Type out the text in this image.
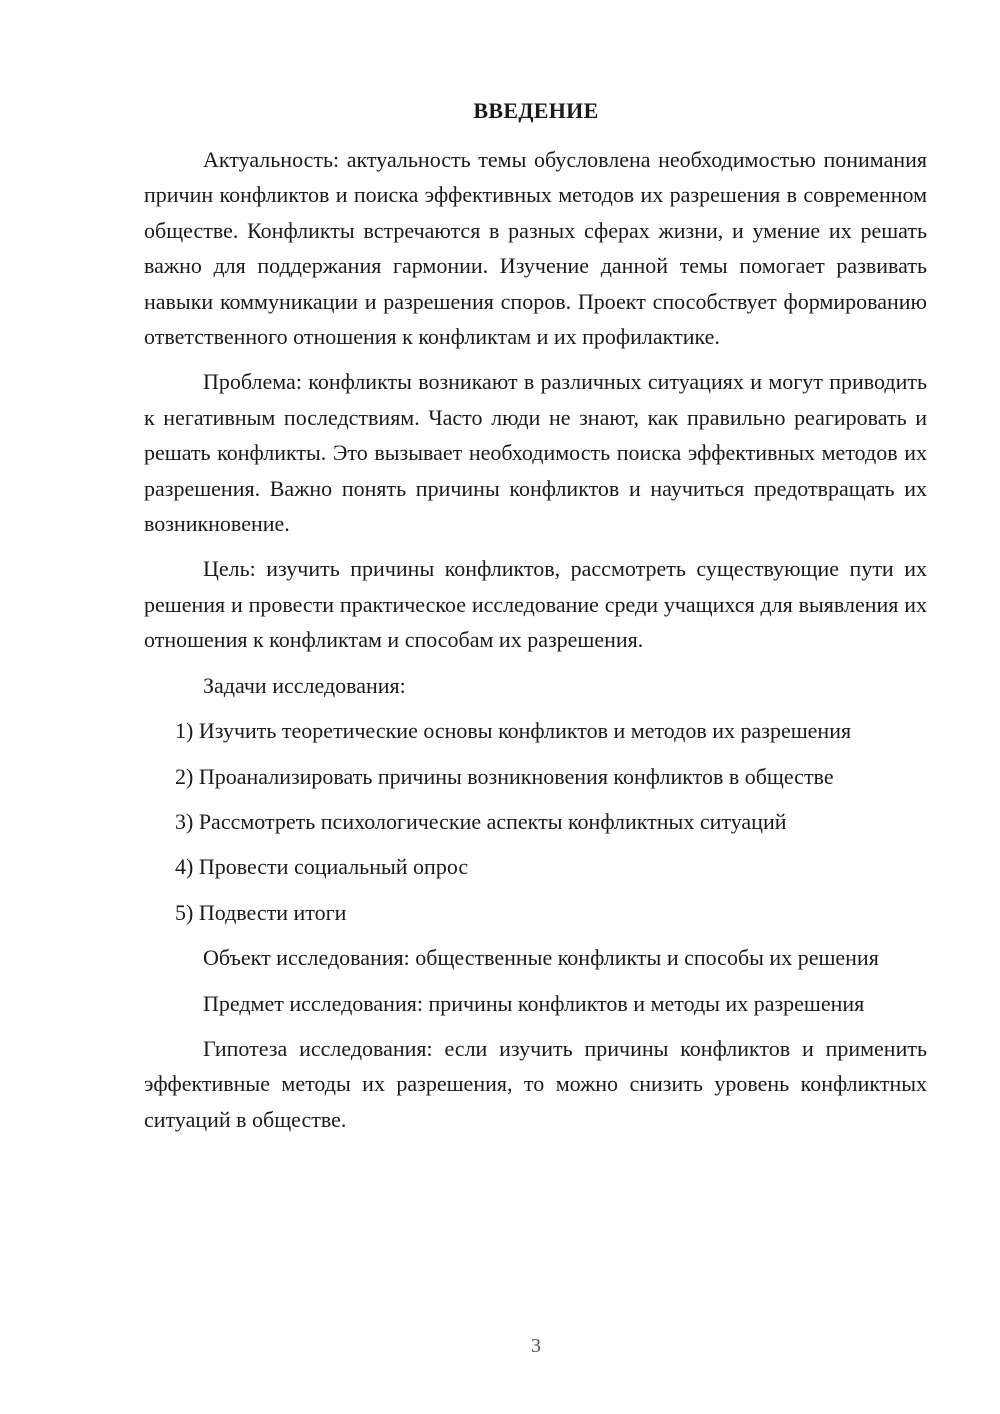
ВВЕДЕНИЕ

Актуальность: актуальность темы обусловлена необходимостью понимания причин конфликтов и поиска эффективных методов их разрешения в современном обществе. Конфликты встречаются в разных сферах жизни, и умение их решать важно для поддержания гармонии. Изучение данной темы помогает развивать навыки коммуникации и разрешения споров. Проект способствует формированию ответственного отношения к конфликтам и их профилактике.

Проблема: конфликты возникают в различных ситуациях и могут приводить к негативным последствиям. Часто люди не знают, как правильно реагировать и решать конфликты. Это вызывает необходимость поиска эффективных методов их разрешения. Важно понять причины конфликтов и научиться предотвращать их возникновение.

Цель: изучить причины конфликтов, рассмотреть существующие пути их решения и провести практическое исследование среди учащихся для выявления их отношения к конфликтам и способам их разрешения.

Задачи исследования:

1) Изучить теоретические основы конфликтов и методов их разрешения

2) Проанализировать причины возникновения конфликтов в обществе

3) Рассмотреть психологические аспекты конфликтных ситуаций

4) Провести социальный опрос

5) Подвести итоги

Объект исследования: общественные конфликты и способы их решения

Предмет исследования: причины конфликтов и методы их разрешения

Гипотеза исследования: если изучить причины конфликтов и применить эффективные методы их разрешения, то можно снизить уровень конфликтных ситуаций в обществе.

3
